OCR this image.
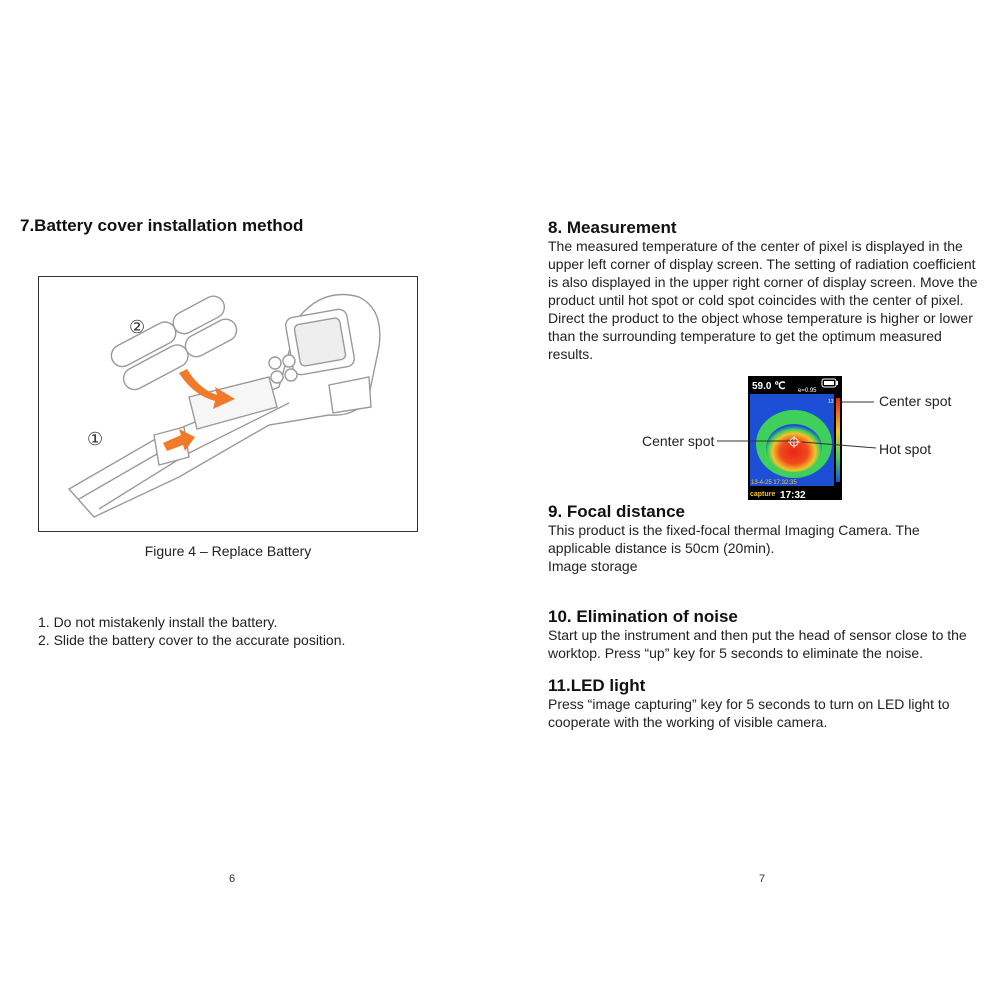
7.Battery cover installation method
②
①
Figure 4 – Replace Battery
1. Do not mistakenly install the battery.
2. Slide the battery cover to the accurate position.
6
8. Measurement

The measured temperature of the center of pixel is displayed in the upper left corner of display screen. The setting of radiation coefficient is also displayed in the upper right corner of display screen. Move the product until hot spot or cold spot coincides with the center of pixel. Direct the product to the object whose temperature is higher or lower than the surrounding temperature to get the optimum measured results.

59.0 ℃ e=0.95
13
13-4-25 17:32:35
capture 17:32
Center spot
Center spot	Hot spot
9. Focal distance

This product is the fixed-focal thermal Imaging Camera. The applicable distance is 50cm (20min).

Image storage

10. Elimination of noise

Start up the instrument and then put the head of sensor close to the worktop. Press “up” key for 5 seconds to eliminate the noise.

11.LED light

Press “image capturing” key for 5 seconds to turn on LED light to cooperate with the working of visible camera.

7
